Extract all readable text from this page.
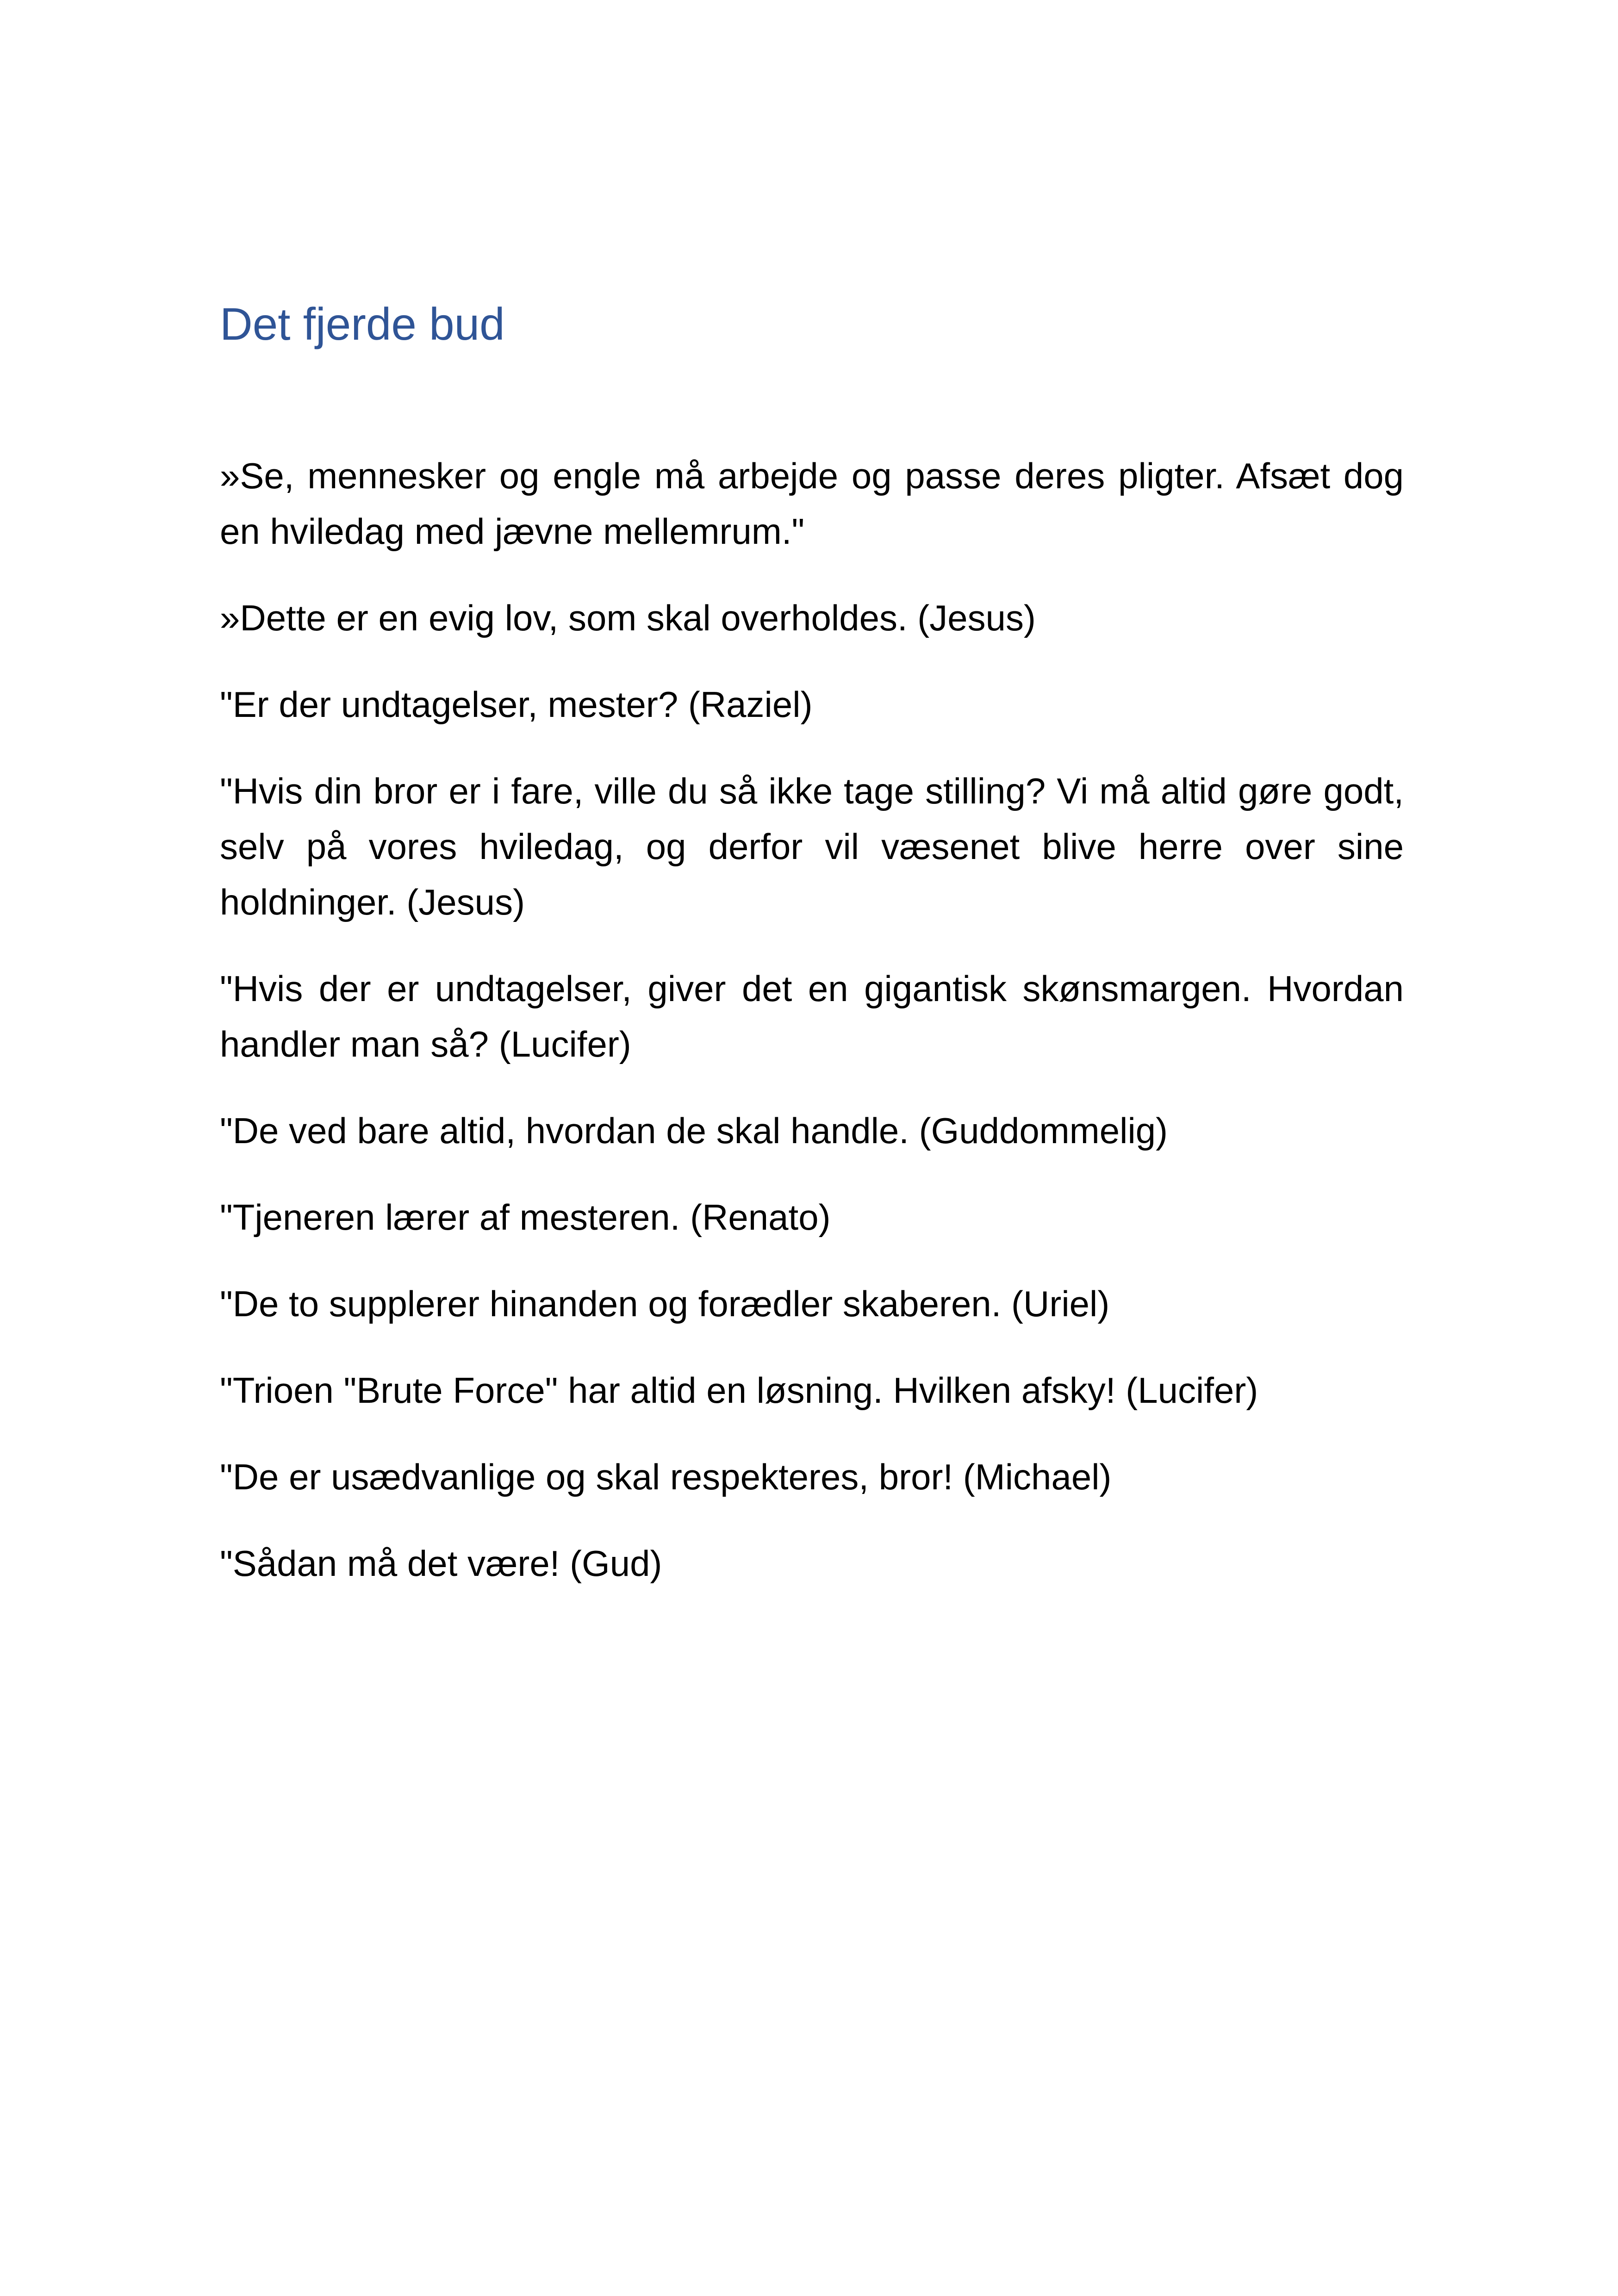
Det fjerde bud

»Se, mennesker og engle må arbejde og passe deres pligter. Afsæt dog en hviledag med jævne mellemrum."

»Dette er en evig lov, som skal overholdes. (Jesus)

"Er der undtagelser, mester? (Raziel)

"Hvis din bror er i fare, ville du så ikke tage stilling? Vi må altid gøre godt, selv på vores hviledag, og derfor vil væsenet blive herre over sine holdninger. (Jesus)

"Hvis der er undtagelser, giver det en gigantisk skønsmargen. Hvordan handler man så? (Lucifer)

"De ved bare altid, hvordan de skal handle. (Guddommelig)

"Tjeneren lærer af mesteren. (Renato)

"De to supplerer hinanden og forædler skaberen. (Uriel)

"Trioen "Brute Force" har altid en løsning. Hvilken afsky! (Lucifer)

"De er usædvanlige og skal respekteres, bror! (Michael)

"Sådan må det være! (Gud)
